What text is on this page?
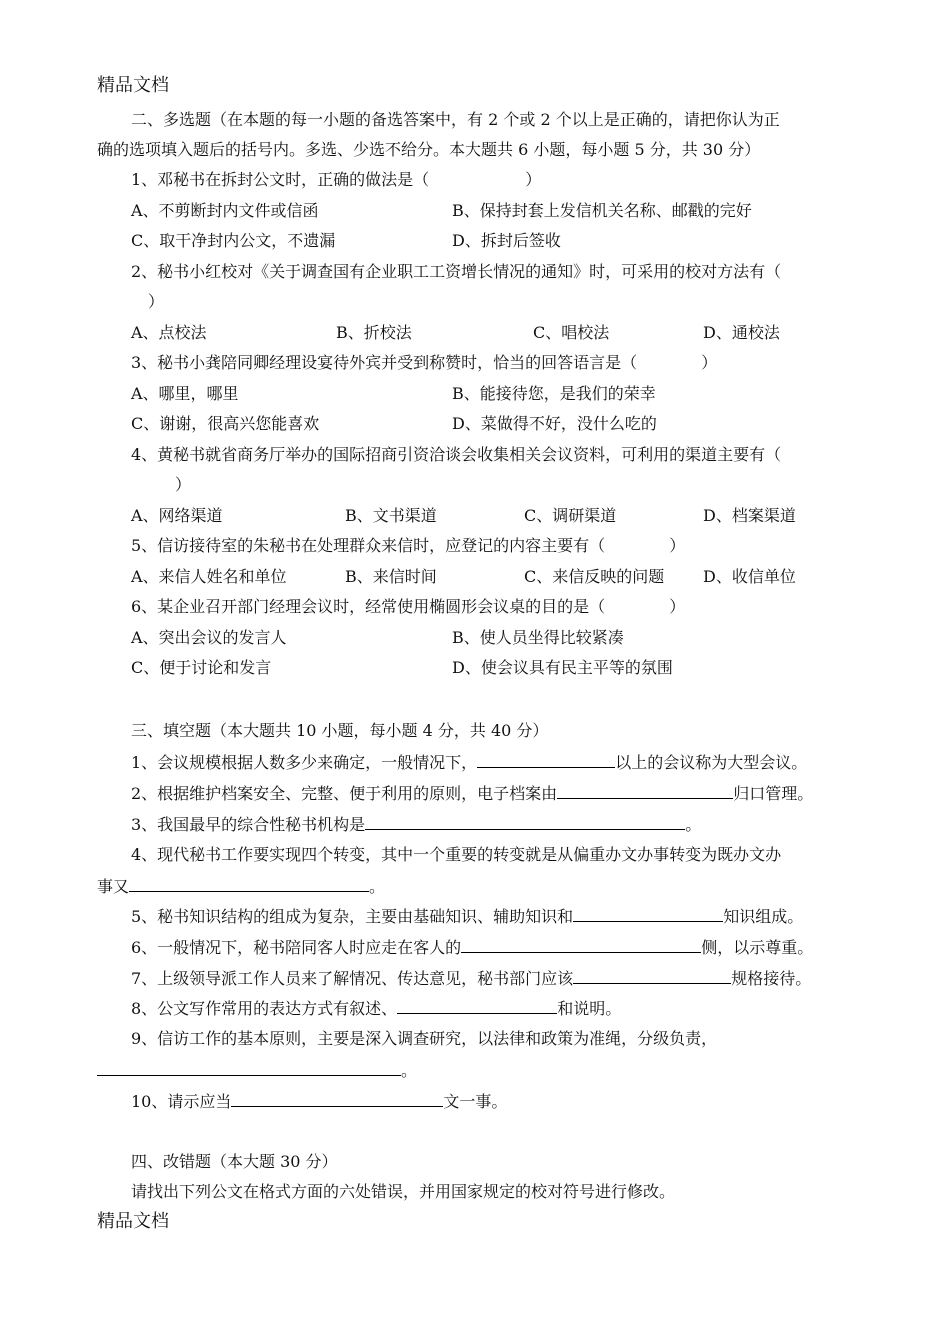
精品文档
二、多选题（在本题的每一小题的备选答案中，有 2 个或 2 个以上是正确的，请把你认为正
确的选项填入题后的括号内。多选、少选不给分。本大题共 6 小题，每小题 5 分，共 30 分）
1、邓秘书在拆封公文时，正确的做法是（	）
A、不剪断封内文件或信函	B、保持封套上发信机关名称、邮戳的完好
C、取干净封内公文，不遗漏	D、拆封后签收
2、秘书小红校对《关于调查国有企业职工工资增长情况的通知》时，可采用的校对方法有（
）
A、点校法	B、折校法	C、唱校法	D、通校法
3、秘书小龚陪同卿经理设宴待外宾并受到称赞时，恰当的回答语言是（	）
A、哪里，哪里	B、能接待您，是我们的荣幸
C、谢谢，很高兴您能喜欢	D、菜做得不好，没什么吃的
4、黄秘书就省商务厅举办的国际招商引资洽谈会收集相关会议资料，可利用的渠道主要有（
）
A、网络渠道	B、文书渠道	C、调研渠道	D、档案渠道
5、信访接待室的朱秘书在处理群众来信时，应登记的内容主要有（	）
A、来信人姓名和单位	B、来信时间	C、来信反映的问题 D、收信单位
6、某企业召开部门经理会议时，经常使用椭圆形会议桌的目的是（	）
A、突出会议的发言人	B、使人员坐得比较紧凑
C、便于讨论和发言	D、使会议具有民主平等的氛围
三、填空题（本大题共 10 小题，每小题 4 分，共 40 分）
1、会议规模根据人数多少来确定，一般情况下，	以上的会议称为大型会议。
2、根据维护档案安全、完整、便于利用的原则，电子档案由	归口管理。
3、我国最早的综合性秘书机构是	。
4、现代秘书工作要实现四个转变，其中一个重要的转变就是从偏重办文办事转变为既办文办
事又	。
5、秘书知识结构的组成为复杂，主要由基础知识、辅助知识和	知识组成。
6、一般情况下，秘书陪同客人时应走在客人的	侧，以示尊重。
7、上级领导派工作人员来了解情况、传达意见，秘书部门应该	规格接待。
8、公文写作常用的表达方式有叙述、	和说明。
9、信访工作的基本原则，主要是深入调查研究，以法律和政策为准绳，分级负责，
。
10、请示应当	文一事。
四、改错题（本大题 30 分）
请找出下列公文在格式方面的六处错误，并用国家规定的校对符号进行修改。
精品文档
